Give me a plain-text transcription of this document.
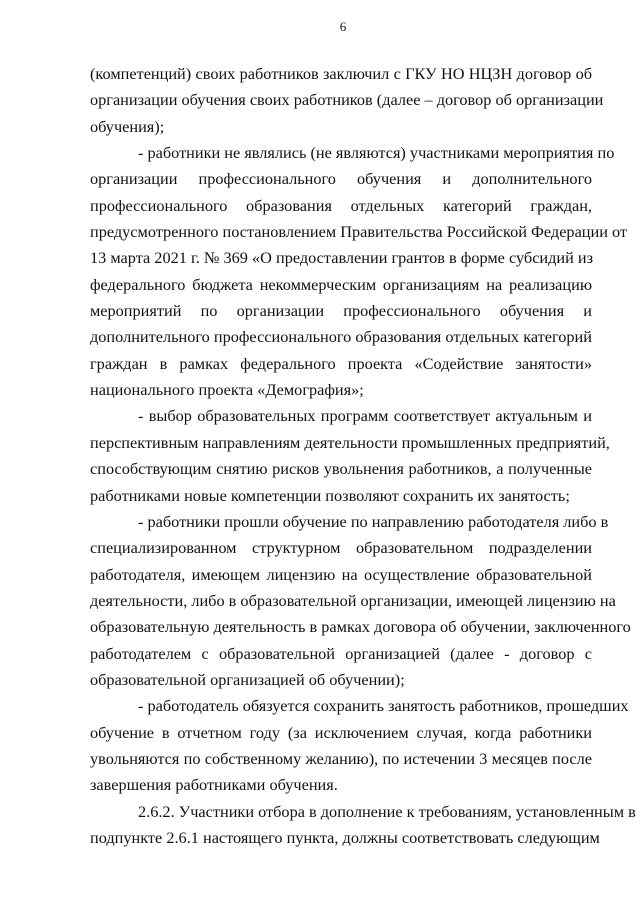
6
(компетенций) своих работников заключил с ГКУ НО НЦЗН договор об
организации обучения своих работников (далее – договор об организации
обучения);
- работники не являлись (не являются) участниками мероприятия по
организации профессионального обучения и дополнительного
профессионального образования отдельных категорий граждан,
предусмотренного постановлением Правительства Российской Федерации от
13 марта 2021 г. № 369 «О предоставлении грантов в форме субсидий из
федерального бюджета некоммерческим организациям на реализацию
мероприятий по организации профессионального обучения и
дополнительного профессионального образования отдельных категорий
граждан в рамках федерального проекта «Содействие занятости»
национального проекта «Демография»;
- выбор образовательных программ соответствует актуальным и
перспективным направлениям деятельности промышленных предприятий,
способствующим снятию рисков увольнения работников, а полученные
работниками новые компетенции позволяют сохранить их занятость;
- работники прошли обучение по направлению работодателя либо в
специализированном структурном образовательном подразделении
работодателя, имеющем лицензию на осуществление образовательной
деятельности, либо в образовательной организации, имеющей лицензию на
образовательную деятельность в рамках договора об обучении, заключенного
работодателем с образовательной организацией (далее - договор с
образовательной организацией об обучении);
- работодатель обязуется сохранить занятость работников, прошедших
обучение в отчетном году (за исключением случая, когда работники
увольняются по собственному желанию), по истечении 3 месяцев после
завершения работниками обучения.
2.6.2. Участники отбора в дополнение к требованиям, установленным в
подпункте 2.6.1 настоящего пункта, должны соответствовать следующим
